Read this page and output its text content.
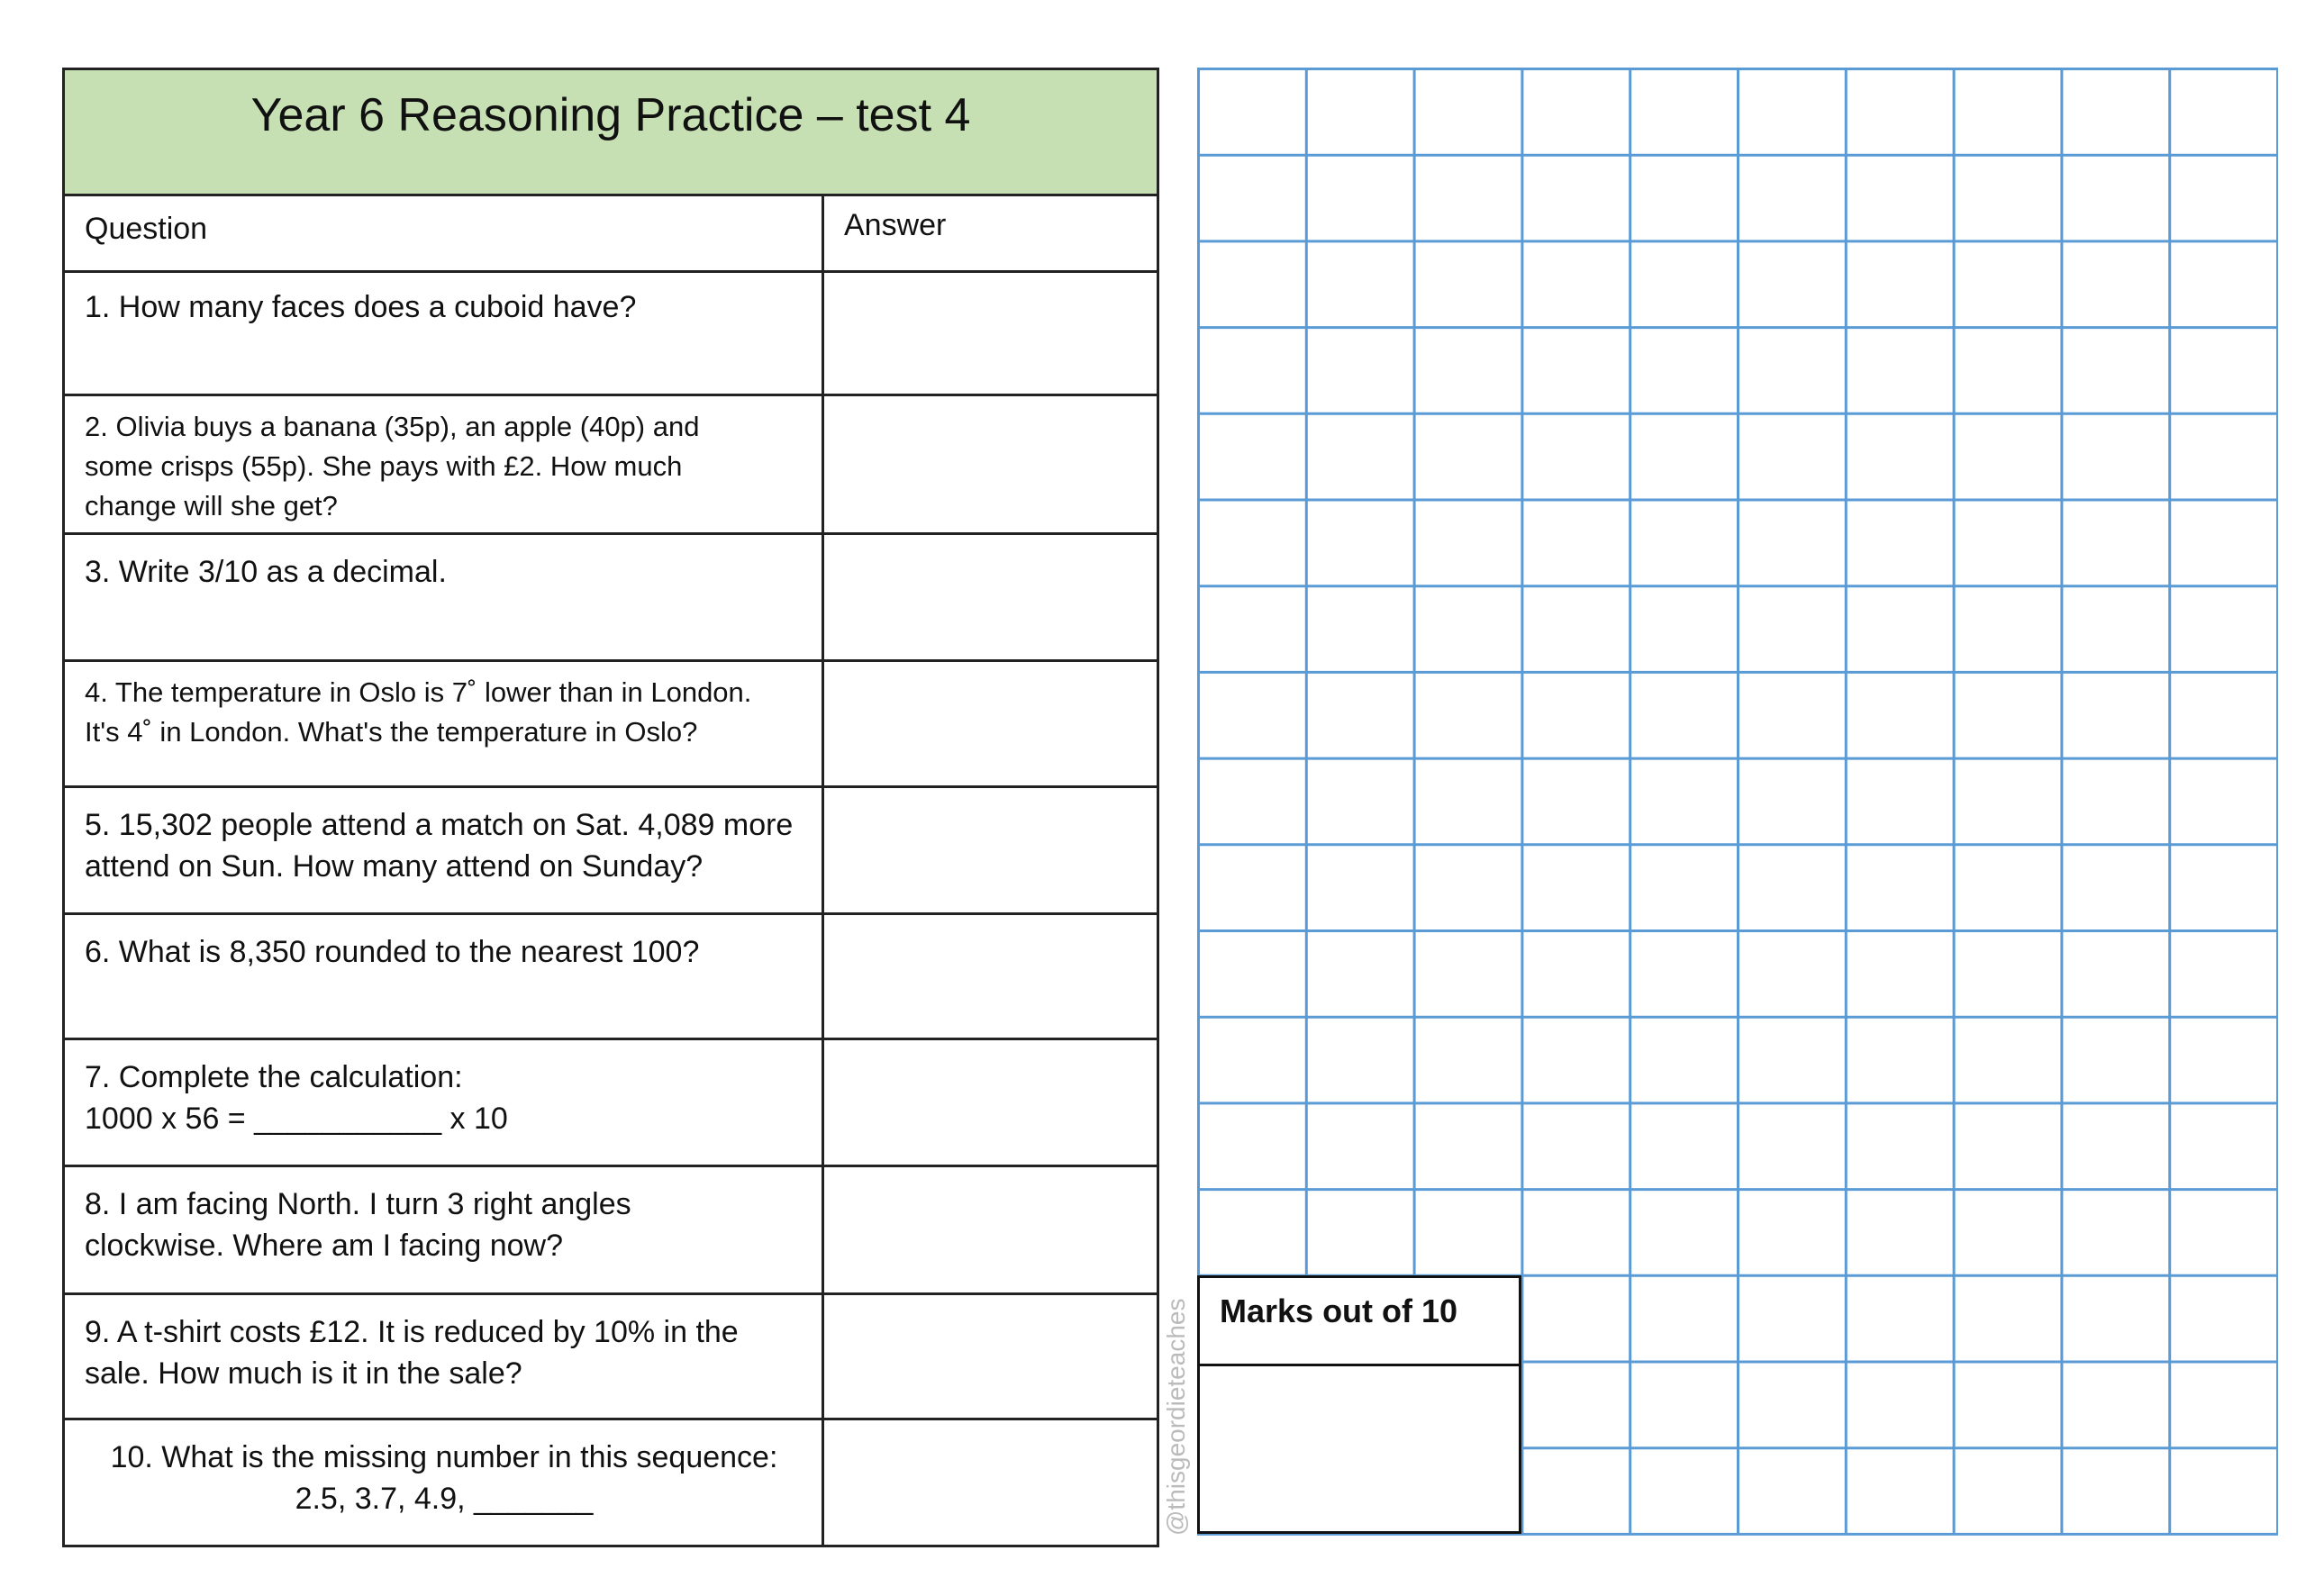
Year 6 Reasoning Practice – test 4
Question	Answer
1. How many faces does a cuboid have?
2. Olivia buys a banana (35p), an apple (40p) and
some crisps (55p). She pays with £2. How much
change will she get?
3. Write 3/10 as a decimal.
4. The temperature in Oslo is 7˚ lower than in London.
It's 4˚ in London. What's the temperature in Oslo?
5. 15,302 people attend a match on Sat. 4,089 more
attend on Sun. How many attend on Sunday?
6. What is 8,350 rounded to the nearest 100?
7. Complete the calculation:
1000 x 56 = ___________ x 10
8. I am facing North. I turn 3 right angles
clockwise. Where am I facing now?
9. A t-shirt costs £12. It is reduced by 10% in the
sale. How much is it in the sale?
10. What is the missing number in this sequence:
2.5, 3.7, 4.9, _______
Marks out of 10
@thisgeordieteaches
